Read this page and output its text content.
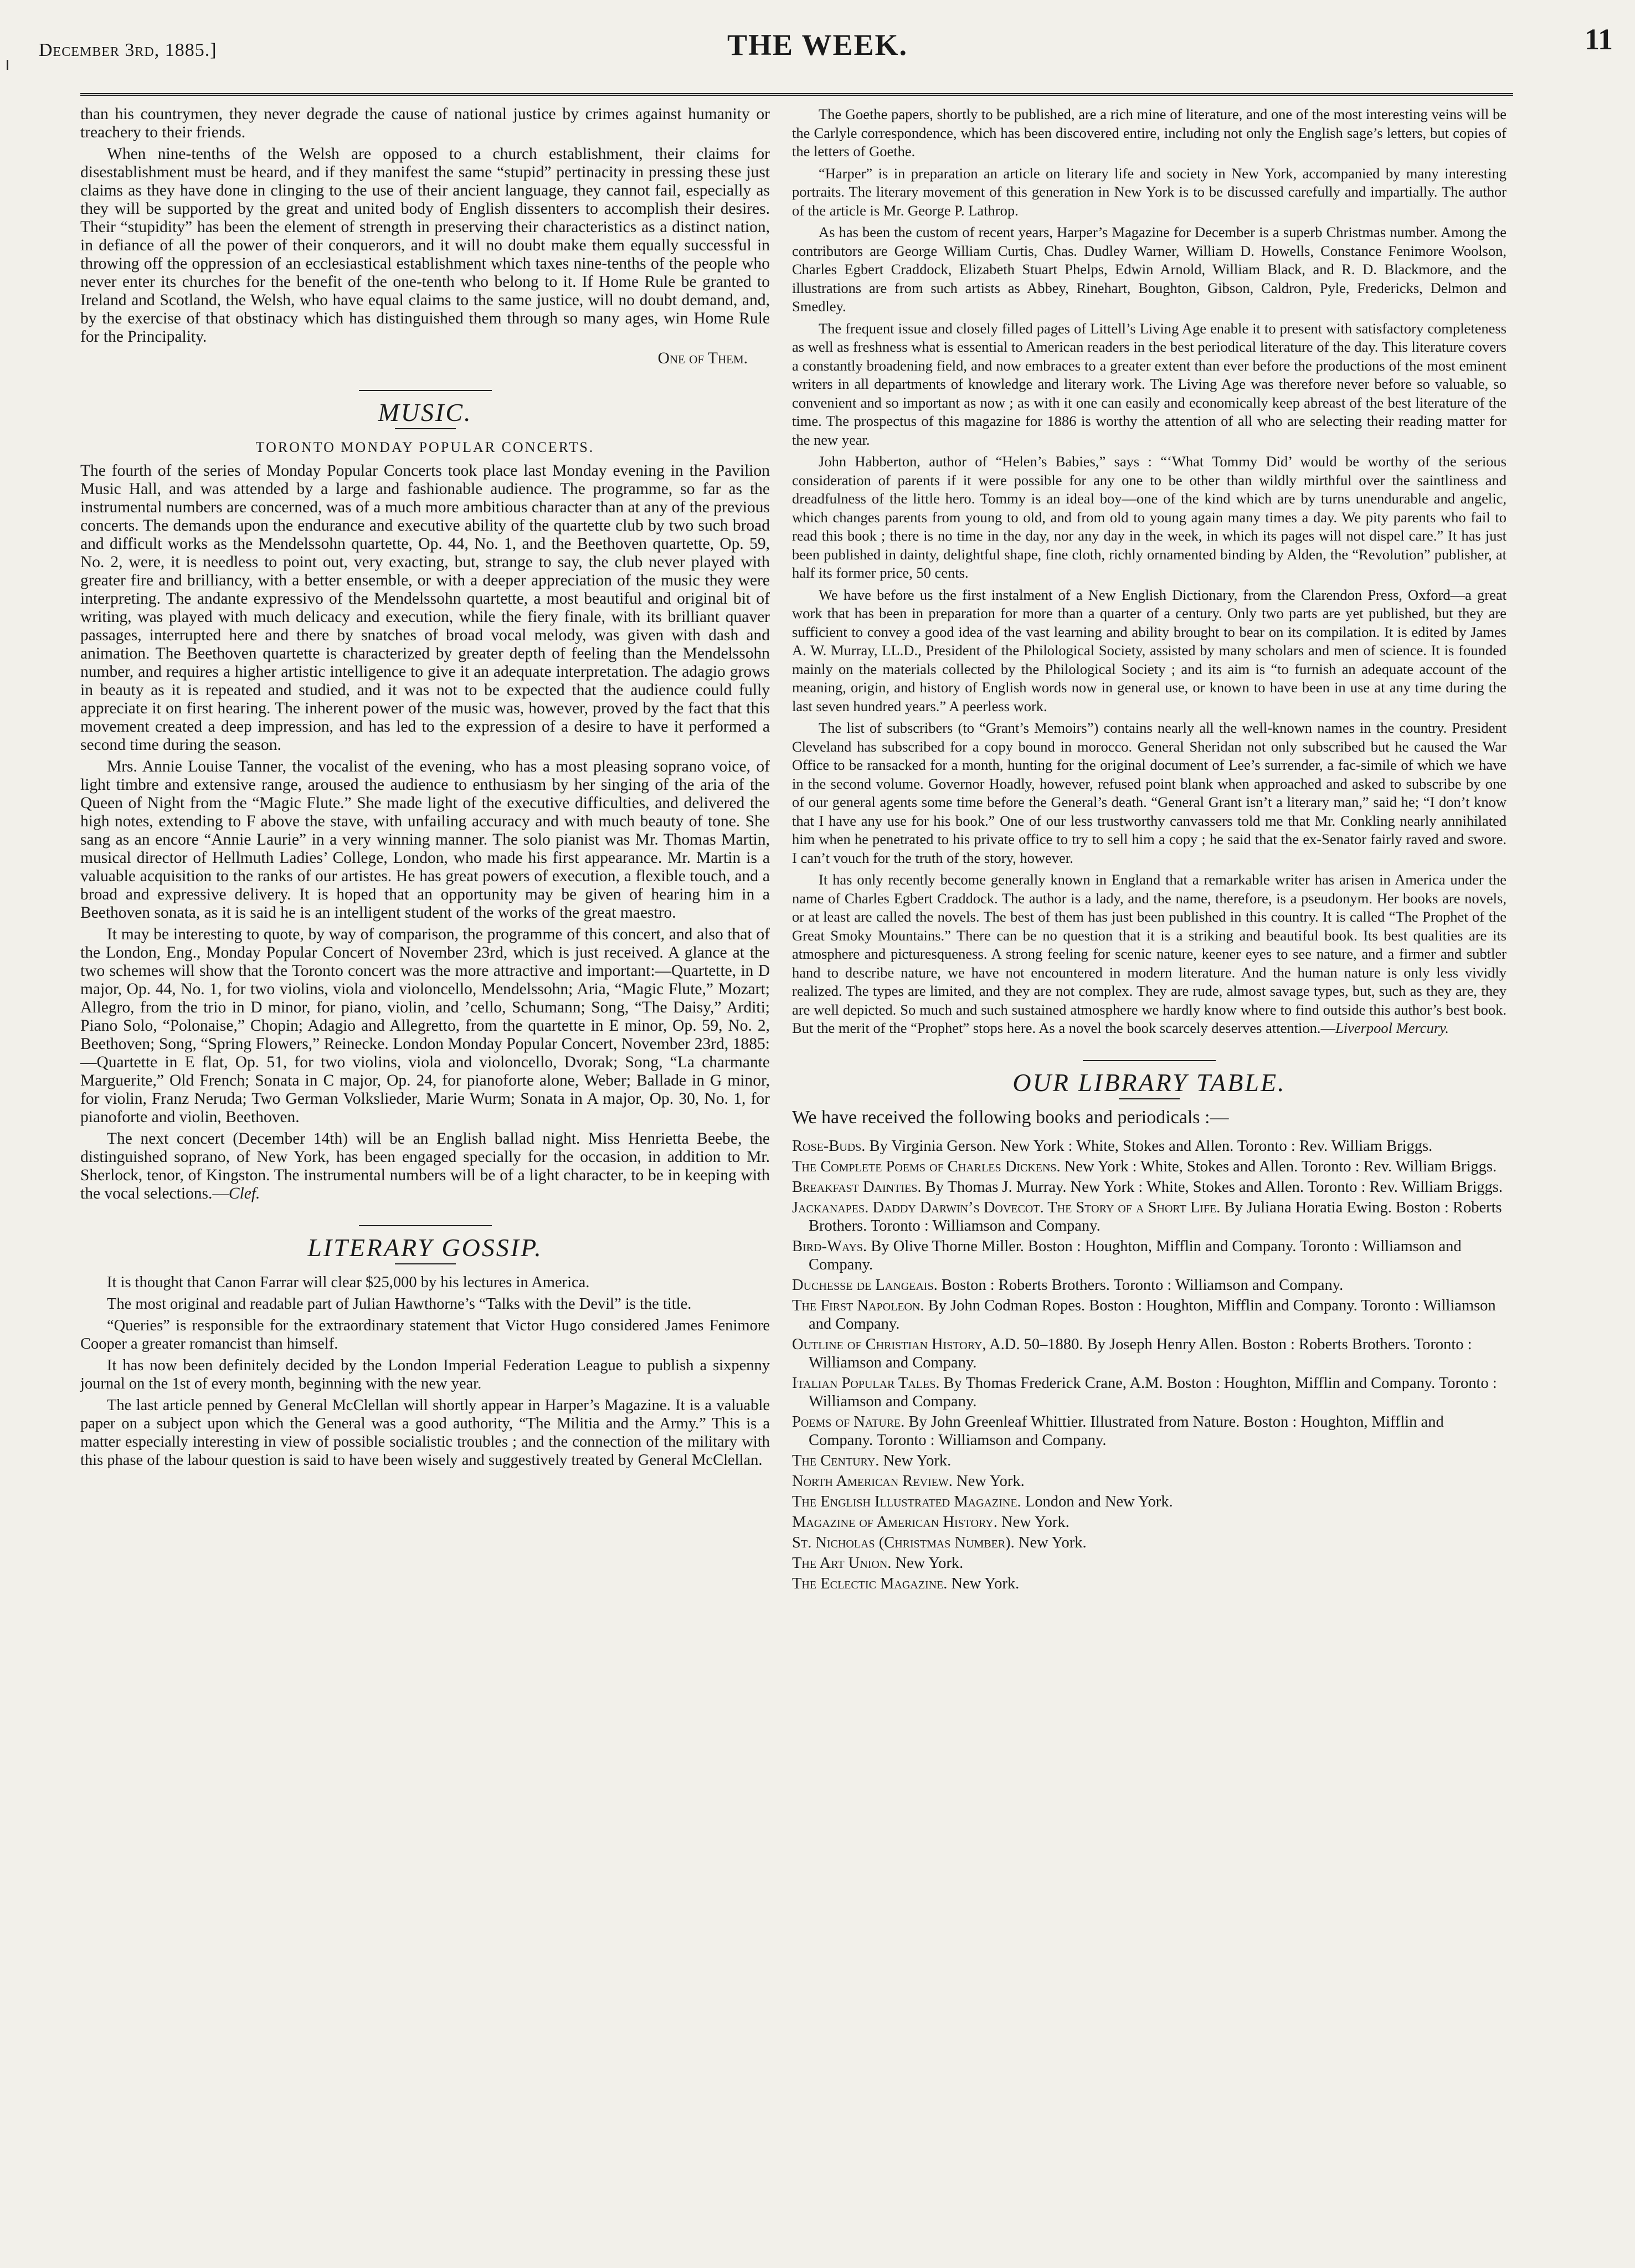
December 3rd, 1885.]	THE WEEK.	11

than his countrymen, they never degrade the cause of national justice by crimes against humanity or treachery to their friends.

When nine-tenths of the Welsh are opposed to a church establishment, their claims for disestablishment must be heard, and if they manifest the same “stupid” pertinacity in pressing these just claims as they have done in clinging to the use of their ancient language, they cannot fail, especially as they will be supported by the great and united body of English dissenters to accomplish their desires. Their “stupidity” has been the element of strength in preserving their characteristics as a distinct nation, in defiance of all the power of their conquerors, and it will no doubt make them equally successful in throwing off the oppression of an ecclesiastical establishment which taxes nine-tenths of the people who never enter its churches for the benefit of the one-tenth who belong to it. If Home Rule be granted to Ireland and Scotland, the Welsh, who have equal claims to the same justice, will no doubt demand, and, by the exercise of that obstinacy which has distinguished them through so many ages, win Home Rule for the Principality.

One of Them.
MUSIC.
TORONTO MONDAY POPULAR CONCERTS.

The fourth of the series of Monday Popular Concerts took place last Monday evening in the Pavilion Music Hall, and was attended by a large and fashionable audience. The programme, so far as the instrumental numbers are concerned, was of a much more ambitious character than at any of the previous concerts. The demands upon the endurance and executive ability of the quartette club by two such broad and difficult works as the Mendelssohn quartette, Op. 44, No. 1, and the Beethoven quartette, Op. 59, No. 2, were, it is needless to point out, very exacting, but, strange to say, the club never played with greater fire and brilliancy, with a better ensemble, or with a deeper appreciation of the music they were interpreting. The andante expressivo of the Mendelssohn quartette, a most beautiful and original bit of writing, was played with much delicacy and execution, while the fiery finale, with its brilliant quaver passages, interrupted here and there by snatches of broad vocal melody, was given with dash and animation. The Beethoven quartette is characterized by greater depth of feeling than the Mendelssohn number, and requires a higher artistic intelligence to give it an adequate interpretation. The adagio grows in beauty as it is repeated and studied, and it was not to be expected that the audience could fully appreciate it on first hearing. The inherent power of the music was, however, proved by the fact that this movement created a deep impression, and has led to the expression of a desire to have it performed a second time during the season.

Mrs. Annie Louise Tanner, the vocalist of the evening, who has a most pleasing soprano voice, of light timbre and extensive range, aroused the audience to enthusiasm by her singing of the aria of the Queen of Night from the “Magic Flute.” She made light of the executive difficulties, and delivered the high notes, extending to F above the stave, with unfailing accuracy and with much beauty of tone. She sang as an encore “Annie Laurie” in a very winning manner. The solo pianist was Mr. Thomas Martin, musical director of Hellmuth Ladies’ College, London, who made his first appearance. Mr. Martin is a valuable acquisition to the ranks of our artistes. He has great powers of execution, a flexible touch, and a broad and expressive delivery. It is hoped that an opportunity may be given of hearing him in a Beethoven sonata, as it is said he is an intelligent student of the works of the great maestro.

It may be interesting to quote, by way of comparison, the programme of this concert, and also that of the London, Eng., Monday Popular Concert of November 23rd, which is just received. A glance at the two schemes will show that the Toronto concert was the more attractive and important:—Quartette, in D major, Op. 44, No. 1, for two violins, viola and violoncello, Mendelssohn; Aria, “Magic Flute,” Mozart; Allegro, from the trio in D minor, for piano, violin, and ’cello, Schumann; Song, “The Daisy,” Arditi; Piano Solo, “Polonaise,” Chopin; Adagio and Allegretto, from the quartette in E minor, Op. 59, No. 2, Beethoven; Song, “Spring Flowers,” Reinecke. London Monday Popular Concert, November 23rd, 1885:—Quartette in E flat, Op. 51, for two violins, viola and violoncello, Dvorak; Song, “La charmante Marguerite,” Old French; Sonata in C major, Op. 24, for pianoforte alone, Weber; Ballade in G minor, for violin, Franz Neruda; Two German Volkslieder, Marie Wurm; Sonata in A major, Op. 30, No. 1, for pianoforte and violin, Beethoven.

The next concert (December 14th) will be an English ballad night. Miss Henrietta Beebe, the distinguished soprano, of New York, has been engaged specially for the occasion, in addition to Mr. Sherlock, tenor, of Kingston. The instrumental numbers will be of a light character, to be in keeping with the vocal selections.—Clef.

LITERARY GOSSIP.

It is thought that Canon Farrar will clear $25,000 by his lectures in America.

The most original and readable part of Julian Hawthorne’s “Talks with the Devil” is the title.

“Queries” is responsible for the extraordinary statement that Victor Hugo considered James Fenimore Cooper a greater romancist than himself.

It has now been definitely decided by the London Imperial Federation League to publish a sixpenny journal on the 1st of every month, beginning with the new year.

The last article penned by General McClellan will shortly appear in Harper’s Magazine. It is a valuable paper on a subject upon which the General was a good authority, “The Militia and the Army.” This is a matter especially interesting in view of possible socialistic troubles ; and the connection of the military with this phase of the labour question is said to have been wisely and suggestively treated by General McClellan.

The Goethe papers, shortly to be published, are a rich mine of literature, and one of the most interesting veins will be the Carlyle correspondence, which has been discovered entire, including not only the English sage’s letters, but copies of the letters of Goethe.

“Harper” is in preparation an article on literary life and society in New York, accompanied by many interesting portraits. The literary movement of this generation in New York is to be discussed carefully and impartially. The author of the article is Mr. George P. Lathrop.

As has been the custom of recent years, Harper’s Magazine for December is a superb Christmas number. Among the contributors are George William Curtis, Chas. Dudley Warner, William D. Howells, Constance Fenimore Woolson, Charles Egbert Craddock, Elizabeth Stuart Phelps, Edwin Arnold, William Black, and R. D. Blackmore, and the illustrations are from such artists as Abbey, Rinehart, Boughton, Gibson, Caldron, Pyle, Fredericks, Delmon and Smedley.

The frequent issue and closely filled pages of Littell’s Living Age enable it to present with satisfactory completeness as well as freshness what is essential to American readers in the best periodical literature of the day. This literature covers a constantly broadening field, and now embraces to a greater extent than ever before the productions of the most eminent writers in all departments of knowledge and literary work. The Living Age was therefore never before so valuable, so convenient and so important as now ; as with it one can easily and economically keep abreast of the best literature of the time. The prospectus of this magazine for 1886 is worthy the attention of all who are selecting their reading matter for the new year.

John Habberton, author of “Helen’s Babies,” says : “‘What Tommy Did’ would be worthy of the serious consideration of parents if it were possible for any one to be other than wildly mirthful over the saintliness and dreadfulness of the little hero. Tommy is an ideal boy—one of the kind which are by turns unendurable and angelic, which changes parents from young to old, and from old to young again many times a day. We pity parents who fail to read this book ; there is no time in the day, nor any day in the week, in which its pages will not dispel care.” It has just been published in dainty, delightful shape, fine cloth, richly ornamented binding by Alden, the “Revolution” publisher, at half its former price, 50 cents.

We have before us the first instalment of a New English Dictionary, from the Clarendon Press, Oxford—a great work that has been in preparation for more than a quarter of a century. Only two parts are yet published, but they are sufficient to convey a good idea of the vast learning and ability brought to bear on its compilation. It is edited by James A. W. Murray, LL.D., President of the Philological Society, assisted by many scholars and men of science. It is founded mainly on the materials collected by the Philological Society ; and its aim is “to furnish an adequate account of the meaning, origin, and history of English words now in general use, or known to have been in use at any time during the last seven hundred years.” A peerless work.

The list of subscribers (to “Grant’s Memoirs”) contains nearly all the well-known names in the country. President Cleveland has subscribed for a copy bound in morocco. General Sheridan not only subscribed but he caused the War Office to be ransacked for a month, hunting for the original document of Lee’s surrender, a fac-simile of which we have in the second volume. Governor Hoadly, however, refused point blank when approached and asked to subscribe by one of our general agents some time before the General’s death. “General Grant isn’t a literary man,” said he; “I don’t know that I have any use for his book.” One of our less trustworthy canvassers told me that Mr. Conkling nearly annihilated him when he penetrated to his private office to try to sell him a copy ; he said that the ex-Senator fairly raved and swore. I can’t vouch for the truth of the story, however.

It has only recently become generally known in England that a remarkable writer has arisen in America under the name of Charles Egbert Craddock. The author is a lady, and the name, therefore, is a pseudonym. Her books are novels, or at least are called the novels. The best of them has just been published in this country. It is called “The Prophet of the Great Smoky Mountains.” There can be no question that it is a striking and beautiful book. Its best qualities are its atmosphere and picturesqueness. A strong feeling for scenic nature, keener eyes to see nature, and a firmer and subtler hand to describe nature, we have not encountered in modern literature. And the human nature is only less vividly realized. The types are limited, and they are not complex. They are rude, almost savage types, but, such as they are, they are well depicted. So much and such sustained atmosphere we hardly know where to find outside this author’s best book. But the merit of the “Prophet” stops here. As a novel the book scarcely deserves attention.—Liverpool Mercury.

OUR LIBRARY TABLE.

We have received the following books and periodicals :—

Rose-Buds. By Virginia Gerson. New York : White, Stokes and Allen. Toronto : Rev. William Briggs.

The Complete Poems of Charles Dickens. New York : White, Stokes and Allen. Toronto : Rev. William Briggs.

Breakfast Dainties. By Thomas J. Murray. New York : White, Stokes and Allen. Toronto : Rev. William Briggs.

Jackanapes. Daddy Darwin’s Dovecot. The Story of a Short Life. By Juliana Horatia Ewing. Boston : Roberts Brothers. Toronto : Williamson and Company.

Bird-Ways. By Olive Thorne Miller. Boston : Houghton, Mifflin and Company. Toronto : Williamson and Company.

Duchesse de Langeais. Boston : Roberts Brothers. Toronto : Williamson and Company.

The First Napoleon. By John Codman Ropes. Boston : Houghton, Mifflin and Company. Toronto : Williamson and Company.

Outline of Christian History, A.D. 50–1880. By Joseph Henry Allen. Boston : Roberts Brothers. Toronto : Williamson and Company.

Italian Popular Tales. By Thomas Frederick Crane, A.M. Boston : Houghton, Mifflin and Company. Toronto : Williamson and Company.

Poems of Nature. By John Greenleaf Whittier. Illustrated from Nature. Boston : Houghton, Mifflin and Company. Toronto : Williamson and Company.

The Century. New York.

North American Review. New York.

The English Illustrated Magazine. London and New York.

Magazine of American History. New York.

St. Nicholas (Christmas Number). New York.

The Art Union. New York.

The Eclectic Magazine. New York.
